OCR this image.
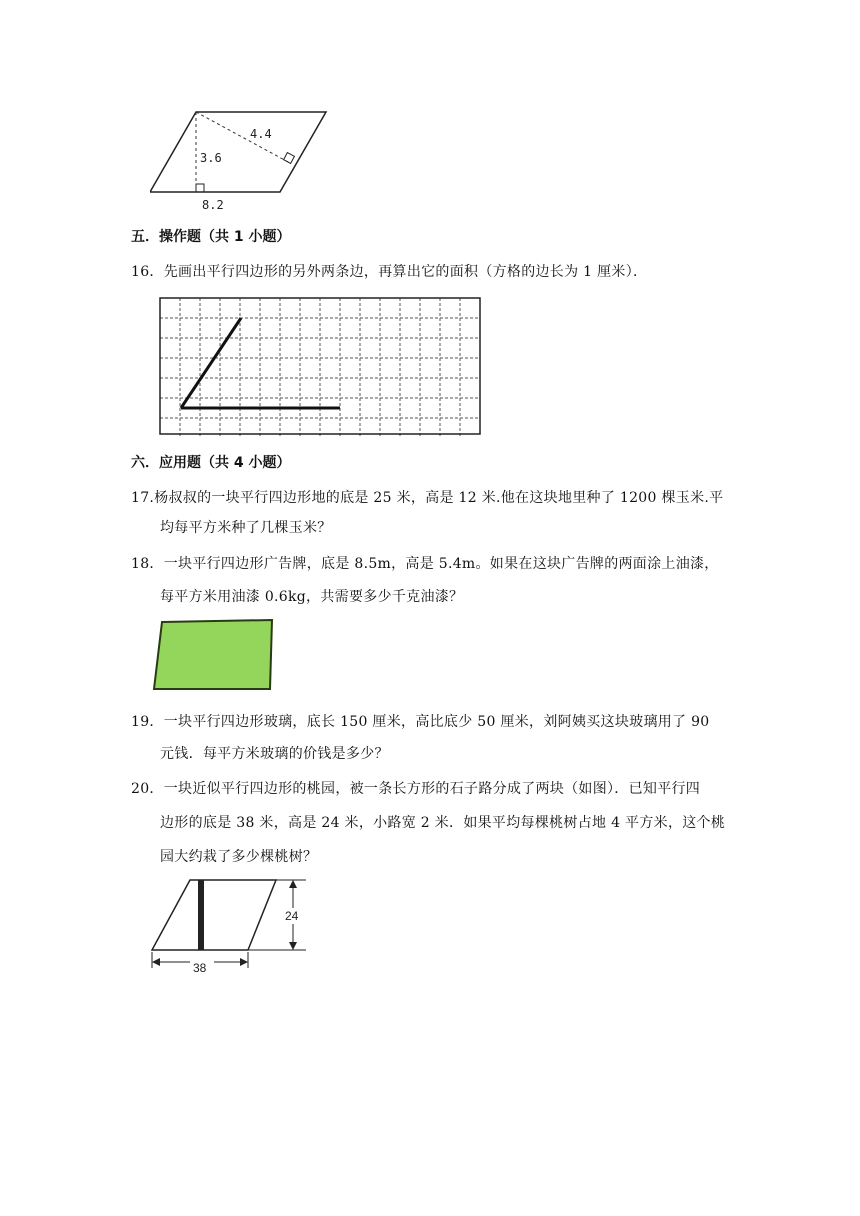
4.4
3.6
8.2
五．操作题（共 1 小题）
16．先画出平行四边形的另外两条边，再算出它的面积（方格的边长为 1 厘米）．
六．应用题（共 4 小题）
17.杨叔叔的一块平行四边形地的底是 25 米，高是 12 米.他在这块地里种了 1200 棵玉米.平
均每平方米种了几棵玉米？
18．一块平行四边形广告牌，底是 8.5m，高是 5.4m。如果在这块广告牌的两面涂上油漆，
每平方米用油漆 0.6kg，共需要多少千克油漆？
19．一块平行四边形玻璃，底长 150 厘米，高比底少 50 厘米，刘阿姨买这块玻璃用了 90
元钱．每平方米玻璃的价钱是多少？
20．一块近似平行四边形的桃园，被一条长方形的石子路分成了两块（如图）．已知平行四
边形的底是 38 米，高是 24 米，小路宽 2 米．如果平均每棵桃树占地 4 平方米，这个桃
园大约栽了多少棵桃树？
24
38
